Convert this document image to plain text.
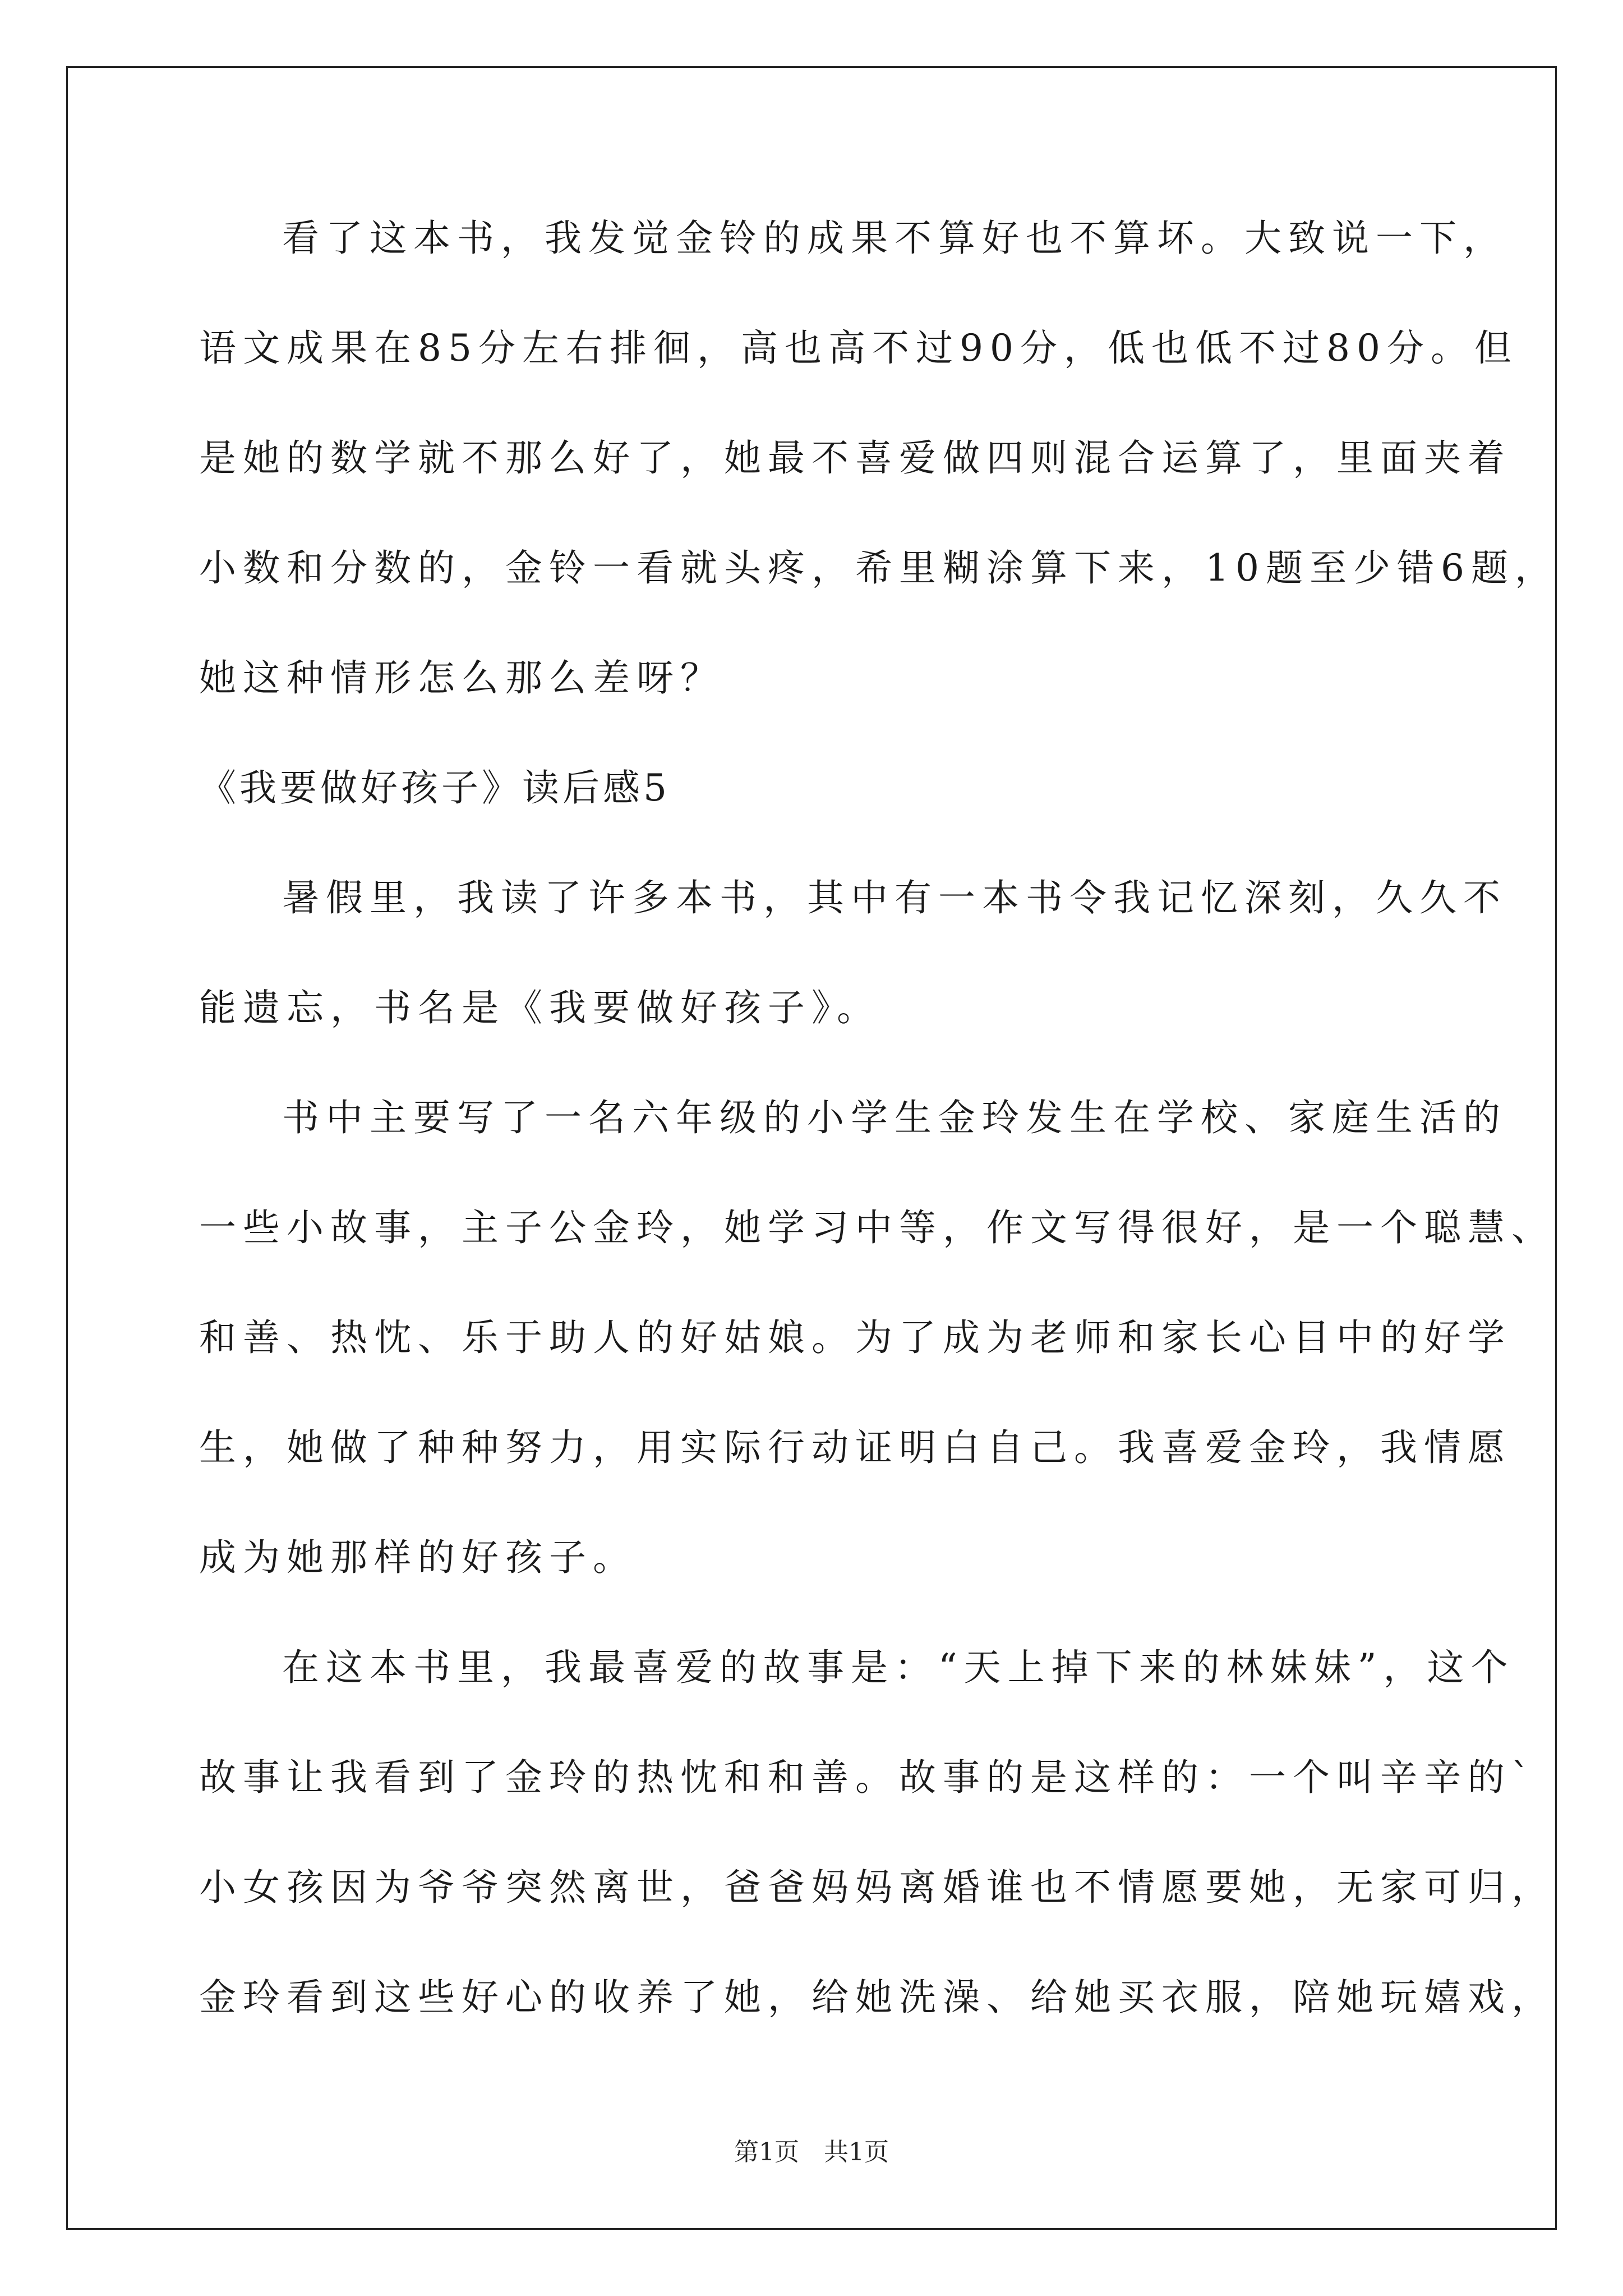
看了这本书，我发觉金铃的成果不算好也不算坏。大致说一下，
语文成果在85分左右排徊，高也高不过90分，低也低不过80分。但
是她的数学就不那么好了，她最不喜爱做四则混合运算了，里面夹着
小数和分数的，金铃一看就头疼，希里糊涂算下来，10题至少错6题，
她这种情形怎么那么差呀？
《我要做好孩子》读后感5
暑假里，我读了许多本书，其中有一本书令我记忆深刻，久久不
能遗忘，书名是《我要做好孩子》。
书中主要写了一名六年级的小学生金玲发生在学校、家庭生活的
一些小故事，主子公金玲，她学习中等，作文写得很好，是一个聪慧、
和善、热忱、乐于助人的好姑娘。为了成为老师和家长心目中的好学
生，她做了种种努力，用实际行动证明白自己。我喜爱金玲，我情愿
成为她那样的好孩子。
在这本书里，我最喜爱的故事是：“天上掉下来的林妹妹”，这个
故事让我看到了金玲的热忱和和善。故事的是这样的：一个叫辛辛的`
小女孩因为爷爷突然离世，爸爸妈妈离婚谁也不情愿要她，无家可归，
金玲看到这些好心的收养了她，给她洗澡、给她买衣服，陪她玩嬉戏，
第1页　共1页
